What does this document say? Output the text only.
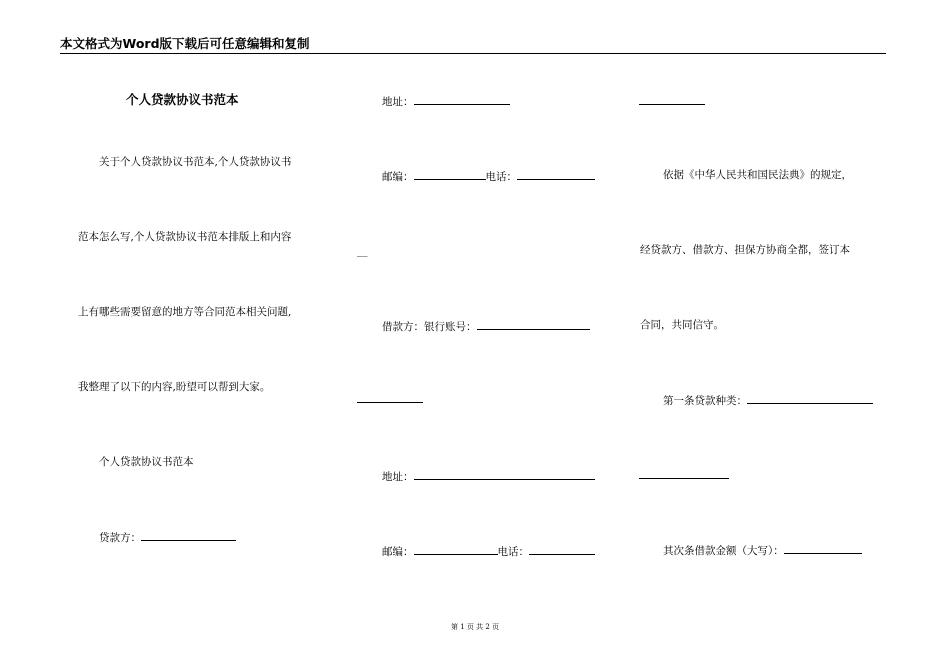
本文格式为Word版下载后可任意编辑和复制
个人贷款协议书范本
关于个人贷款协议书范本,个人贷款协议书
范本怎么写,个人贷款协议书范本排版上和内容
上有哪些需要留意的地方等合同范本相关问题,
我整理了以下的内容,盼望可以帮到大家。
个人贷款协议书范本
贷款方：
地址：
邮编：	电话：
__
借款方：银行账号：
地址：
邮编：	电话：
依据《中华人民共和国民法典》的规定，
经贷款方、借款方、担保方协商全都，签订本
合同，共同信守。
第一条贷款种类：
其次条借款金额（大写）：
第 1 页 共 2 页
